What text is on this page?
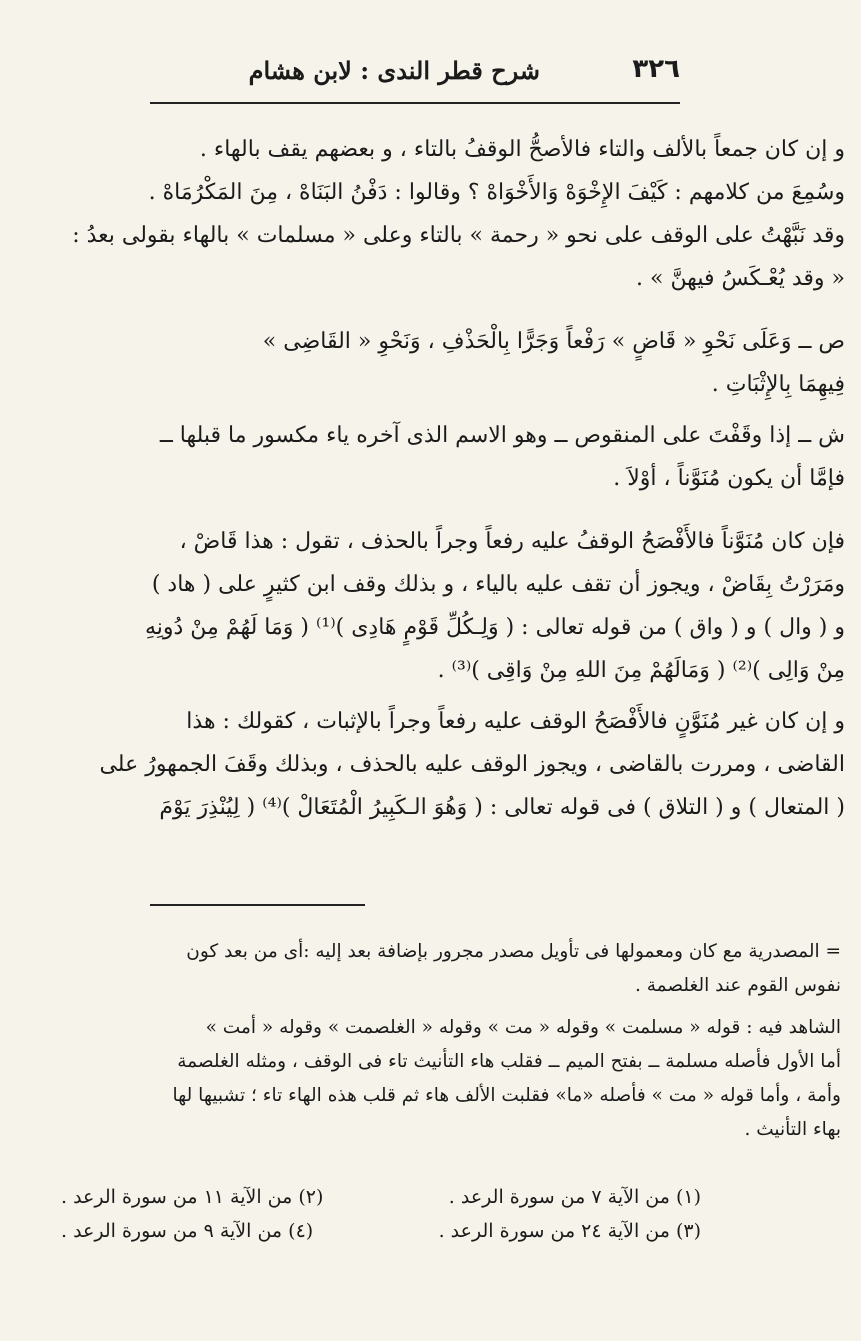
٣٢٦
شرح قطر الندى : لابن هشام

و إن كان جمعاً بالألف والتاء فالأصحُّ الوقفُ بالتاء ، و بعضهم يقف بالهاء .
وسُمِعَ من كلامهم : كَيْفَ الإِخْوَهْ وَالأَخْوَاهْ ؟ وقالوا : دَفْنُ البَنَاهْ ، مِنَ المَكْرُمَاهْ .
وقد نَبَّهْتُ على الوقف على نحو « رحمة » بالتاء وعلى « مسلمات » بالهاء بقولى بعدُ :
« وقد يُعْـكَسُ فيهنَّ » .

ص ــ وَعَلَى نَحْوِ « قَاضٍ » رَفْعاً وَجَرًّا بِالْحَذْفِ ، وَنَحْوِ « القَاضِى »
فِيهِمَا بِالإِثْبَاتِ .

ش ــ إذا وقَفْتَ على المنقوص ــ وهو الاسم الذى آخره ياء مكسور ما قبلها ــ
فإمَّا أن يكون مُنَوَّناً ، أوْلاَ .

فإن كان مُنَوَّناً فالأَفْصَحُ الوقفُ عليه رفعاً وجراً بالحذف ، تقول : هذا قَاضْ ،
ومَرَرْتُ بِقَاضْ ، ويجوز أن تقف عليه بالياء ، و بذلك وقف ابن كثيرٍ على ( هاد )
و ( وال ) و ( واق ) من قوله تعالى : ( وَلِـكُلِّ قَوْمٍ هَادِى )⁽¹⁾ ( وَمَا لَهُمْ مِنْ دُونِهِ
مِنْ وَالِى )⁽²⁾ ( وَمَالَهُمْ مِنَ اللهِ مِنْ وَاقِى )⁽³⁾ .

و إن كان غير مُنَوَّنٍ فالأَفْصَحُ الوقف عليه رفعاً وجراً بالإثبات ، كقولك : هذا
القاضى ، ومررت بالقاضى ، ويجوز الوقف عليه بالحذف ، وبذلك وقَفَ الجمهورُ على
( المتعال ) و ( التلاق ) فى قوله تعالى : ( وَهُوَ الـكَبِيرُ الْمُتَعَالْ )⁽⁴⁾ ( لِيُنْذِرَ يَوْمَ

= المصدرية مع كان ومعمولها فى تأويل مصدر مجرور بإضافة بعد إليه :أى من بعد كون
نفوس القوم عند الغلصمة .
الشاهد فيه : قوله « مسلمت » وقوله « مت » وقوله « الغلصمت » وقوله « أمت »
أما الأول فأصله مسلمة ــ بفتح الميم ــ فقلب هاء التأنيث تاء فى الوقف ، ومثله الغلصمة
وأمة ، وأما قوله « مت » فأصله «ما» فقلبت الألف هاء ثم قلب هذه الهاء تاء ؛ تشبيها لها
بهاء التأنيث .
(١) من الآية ٧ من سورة الرعد .
(٢) من الآية ١١ من سورة الرعد .
(٣) من الآية ٢٤ من سورة الرعد .
(٤) من الآية ٩ من سورة الرعد .
